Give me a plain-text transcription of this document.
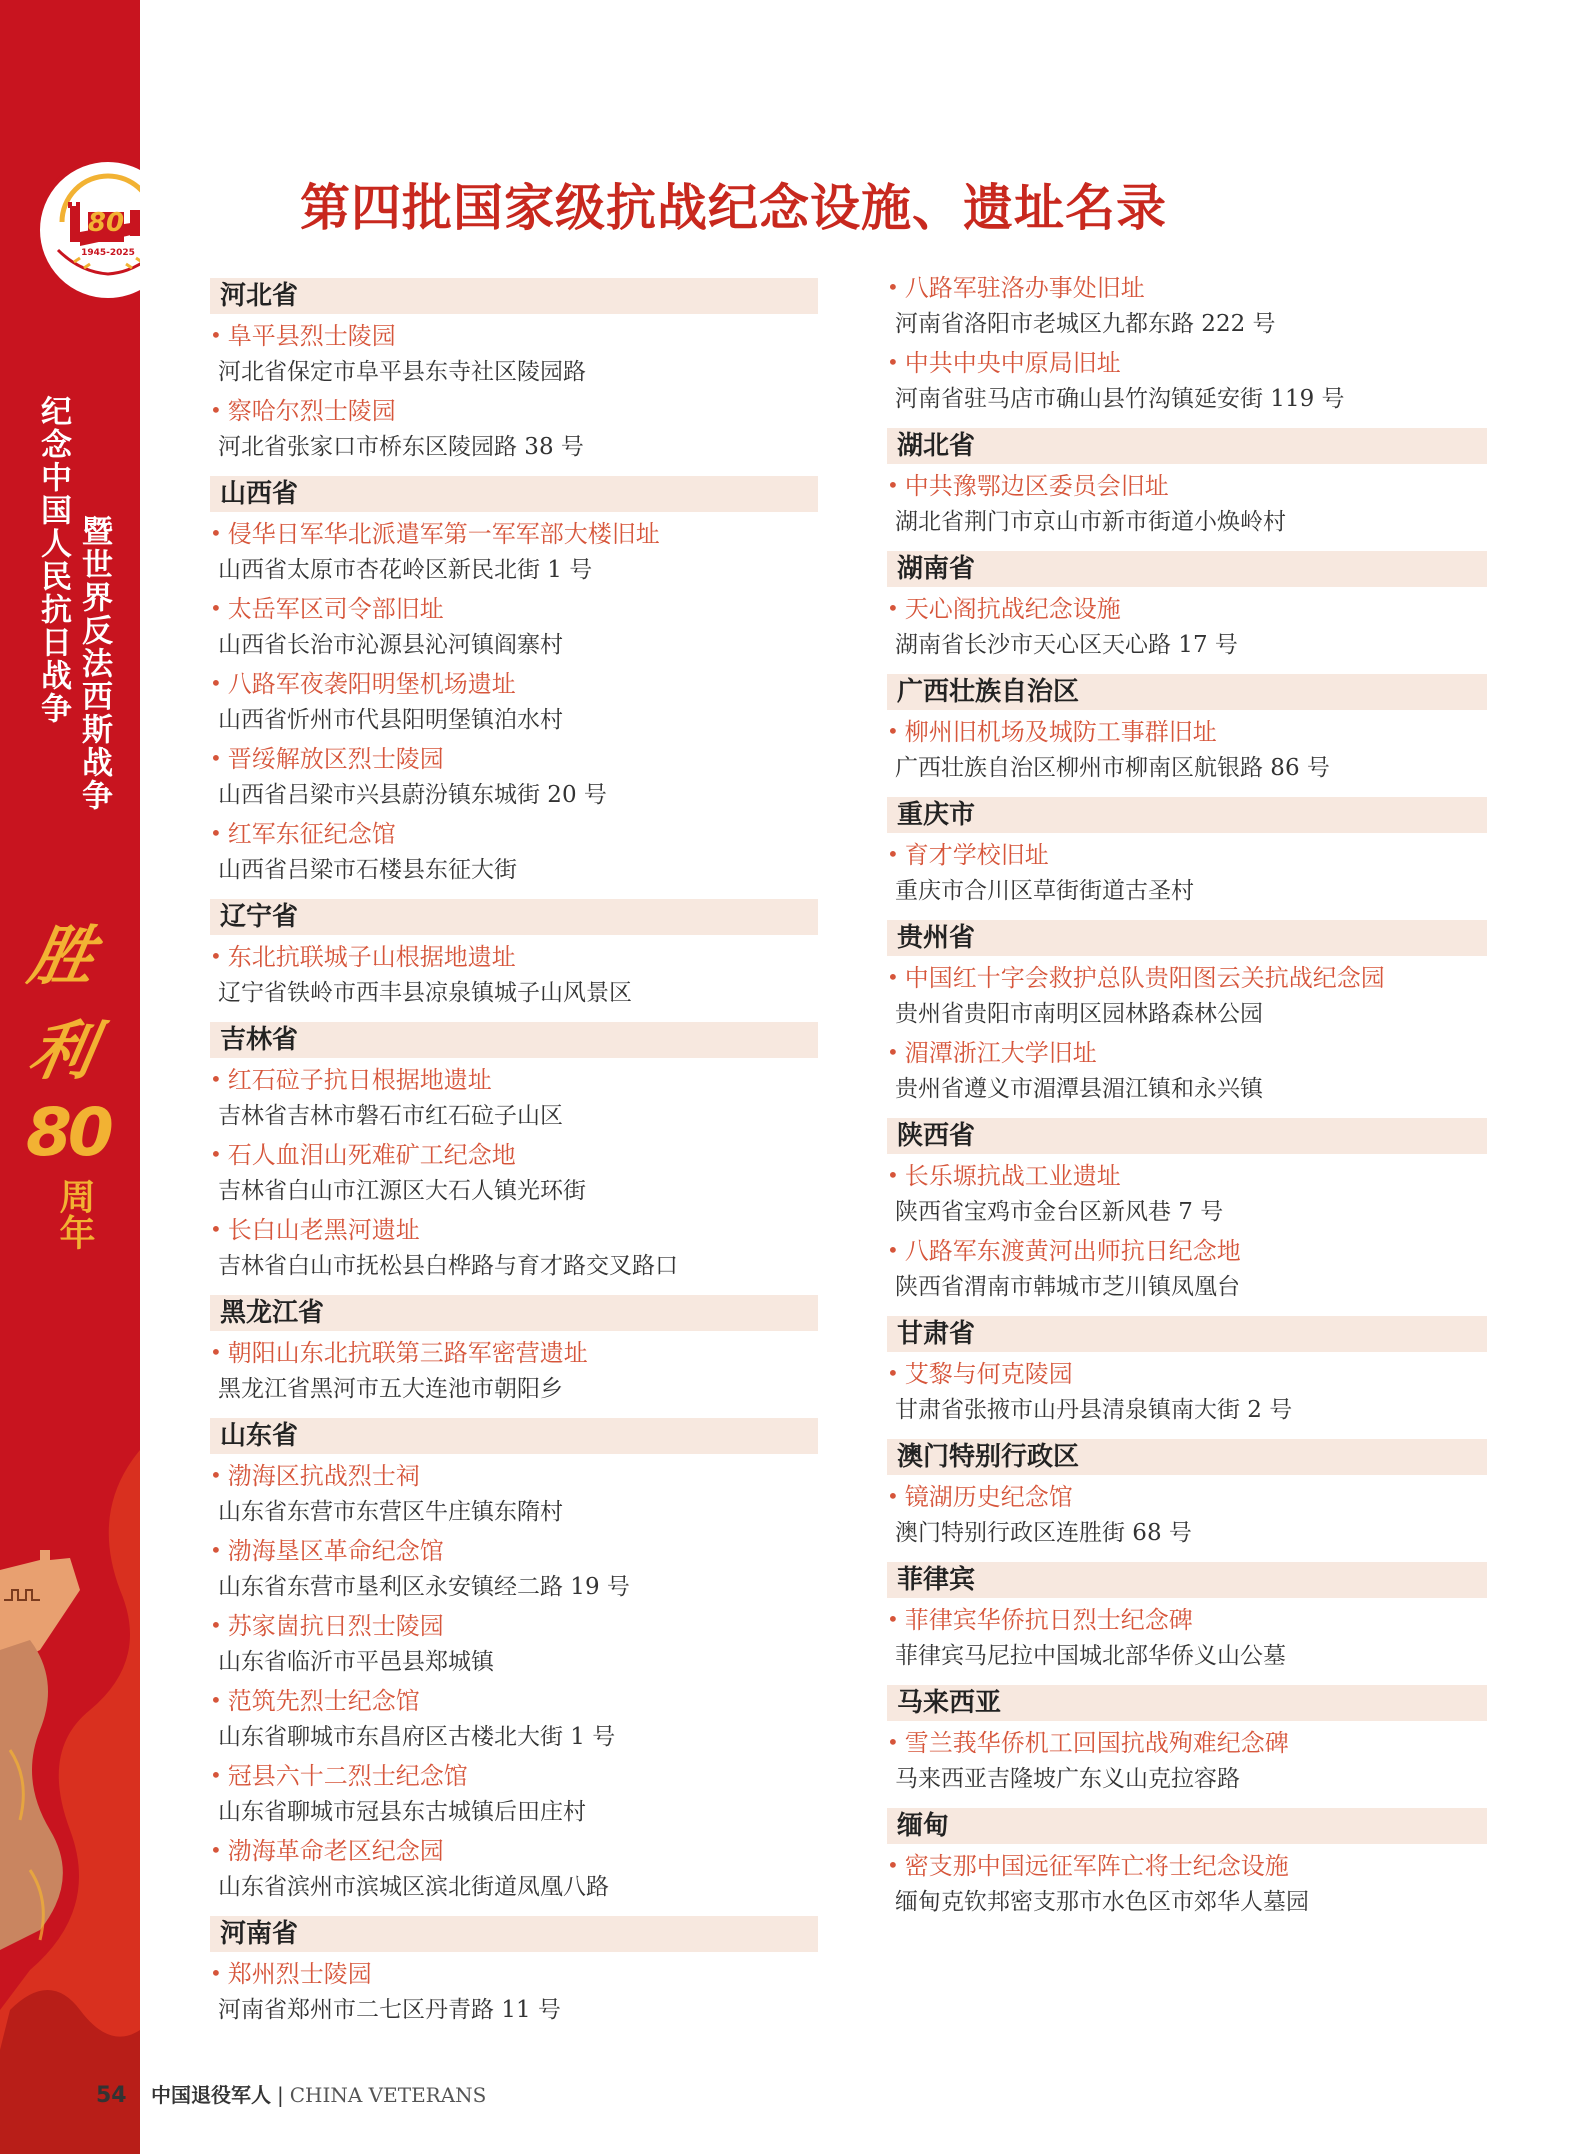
80
1945-2025
纪念中国人民抗日战争 暨世界反法西斯战争
胜
利
80
周年
第四批国家级抗战纪念设施、遗址名录
河北省
• 阜平县烈士陵园
河北省保定市阜平县东寺社区陵园路
• 察哈尔烈士陵园
河北省张家口市桥东区陵园路 38 号
山西省
• 侵华日军华北派遣军第一军军部大楼旧址
山西省太原市杏花岭区新民北街 1 号
• 太岳军区司令部旧址
山西省长治市沁源县沁河镇阎寨村
• 八路军夜袭阳明堡机场遗址
山西省忻州市代县阳明堡镇泊水村
• 晋绥解放区烈士陵园
山西省吕梁市兴县蔚汾镇东城街 20 号
• 红军东征纪念馆
山西省吕梁市石楼县东征大街
辽宁省
• 东北抗联城子山根据地遗址
辽宁省铁岭市西丰县凉泉镇城子山风景区
吉林省
• 红石砬子抗日根据地遗址
吉林省吉林市磐石市红石砬子山区
• 石人血泪山死难矿工纪念地
吉林省白山市江源区大石人镇光环街
• 长白山老黑河遗址
吉林省白山市抚松县白桦路与育才路交叉路口
黑龙江省
• 朝阳山东北抗联第三路军密营遗址
黑龙江省黑河市五大连池市朝阳乡
山东省
• 渤海区抗战烈士祠
山东省东营市东营区牛庄镇东隋村
• 渤海垦区革命纪念馆
山东省东营市垦利区永安镇经二路 19 号
• 苏家崮抗日烈士陵园
山东省临沂市平邑县郑城镇
• 范筑先烈士纪念馆
山东省聊城市东昌府区古楼北大街 1 号
• 冠县六十二烈士纪念馆
山东省聊城市冠县东古城镇后田庄村
• 渤海革命老区纪念园
山东省滨州市滨城区滨北街道凤凰八路
河南省
• 郑州烈士陵园
河南省郑州市二七区丹青路 11 号
• 八路军驻洛办事处旧址
河南省洛阳市老城区九都东路 222 号
• 中共中央中原局旧址
河南省驻马店市确山县竹沟镇延安街 119 号
湖北省
• 中共豫鄂边区委员会旧址
湖北省荆门市京山市新市街道小焕岭村
湖南省
• 天心阁抗战纪念设施
湖南省长沙市天心区天心路 17 号
广西壮族自治区
• 柳州旧机场及城防工事群旧址
广西壮族自治区柳州市柳南区航银路 86 号
重庆市
• 育才学校旧址
重庆市合川区草街街道古圣村
贵州省
• 中国红十字会救护总队贵阳图云关抗战纪念园
贵州省贵阳市南明区园林路森林公园
• 湄潭浙江大学旧址
贵州省遵义市湄潭县湄江镇和永兴镇
陕西省
• 长乐塬抗战工业遗址
陕西省宝鸡市金台区新风巷 7 号
• 八路军东渡黄河出师抗日纪念地
陕西省渭南市韩城市芝川镇凤凰台
甘肃省
• 艾黎与何克陵园
甘肃省张掖市山丹县清泉镇南大街 2 号
澳门特别行政区
• 镜湖历史纪念馆
澳门特别行政区连胜街 68 号
菲律宾
• 菲律宾华侨抗日烈士纪念碑
菲律宾马尼拉中国城北部华侨义山公墓
马来西亚
• 雪兰莪华侨机工回国抗战殉难纪念碑
马来西亚吉隆坡广东义山克拉容路
缅甸
• 密支那中国远征军阵亡将士纪念设施
缅甸克钦邦密支那市水色区市郊华人墓园
54 中国退役军人 | CHINA VETERANS
